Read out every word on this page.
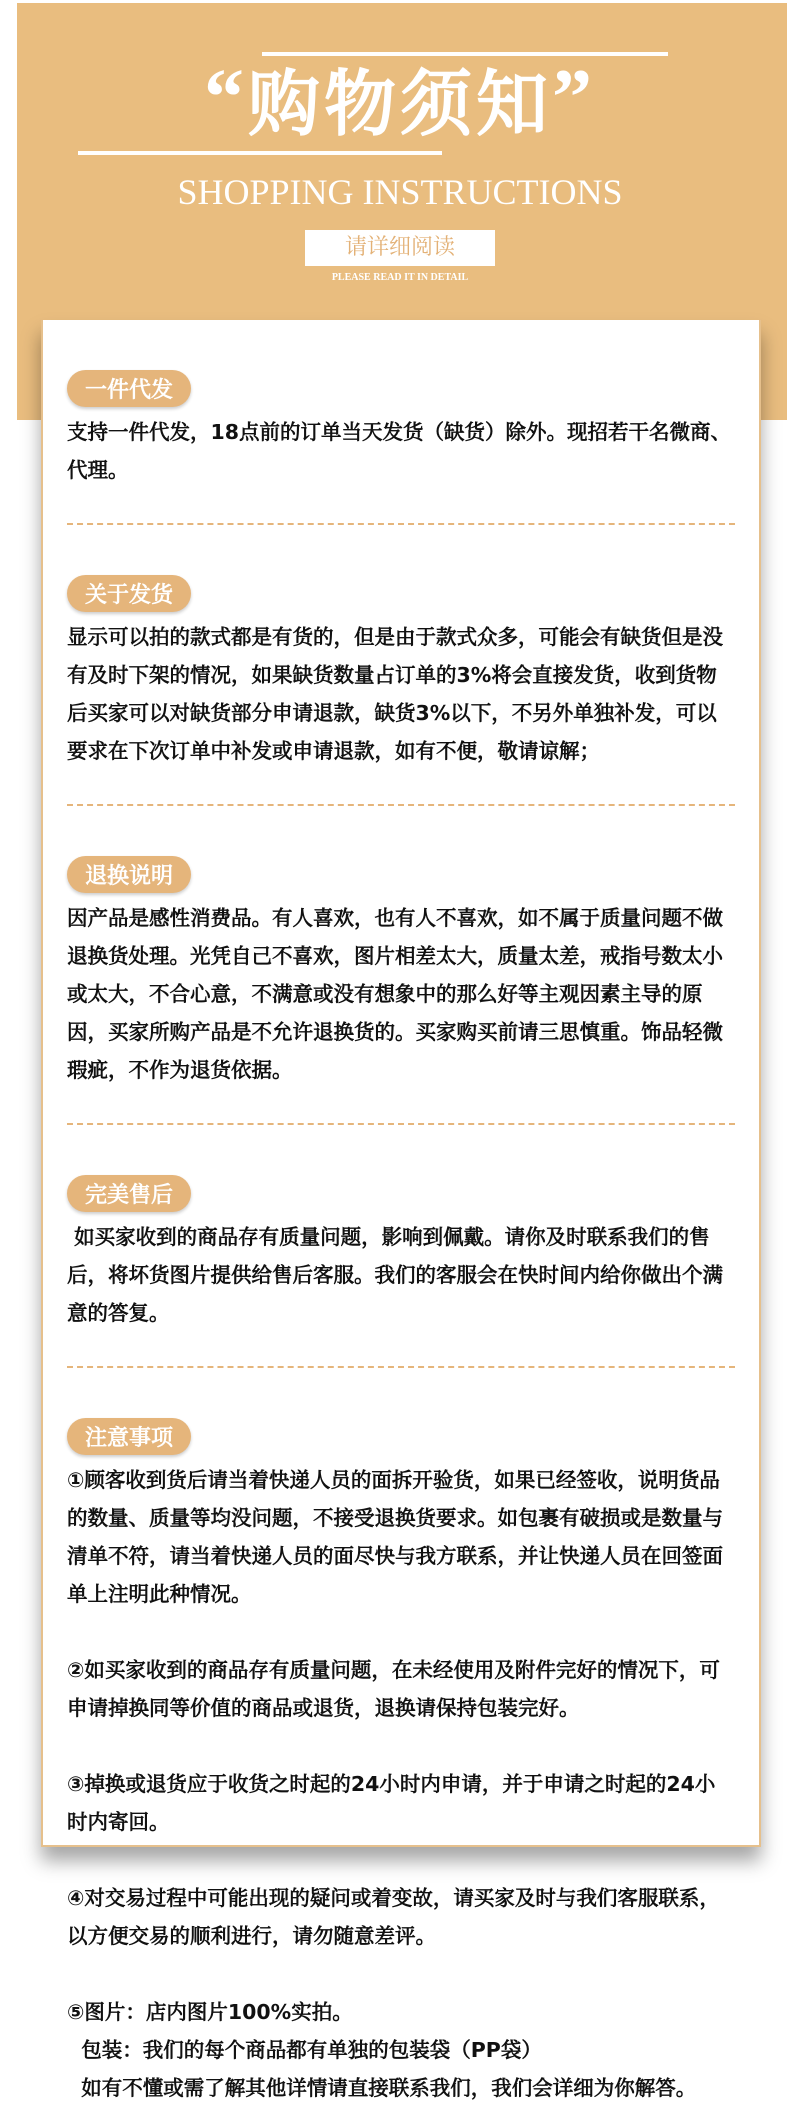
“购物须知”
SHOPPING INSTRUCTIONS
请详细阅读
PLEASE READ IT IN DETAIL
一件代发
支持一件代发，18点前的订单当天发货（缺货）除外。现招若干名微商、代理。
关于发货
显示可以拍的款式都是有货的，但是由于款式众多，可能会有缺货但是没有及时下架的情况，如果缺货数量占订单的3%将会直接发货，收到货物后买家可以对缺货部分申请退款，缺货3%以下，不另外单独补发，可以要求在下次订单中补发或申请退款，如有不便，敬请谅解；
退换说明
因产品是感性消费品。有人喜欢，也有人不喜欢，如不属于质量问题不做退换货处理。光凭自己不喜欢，图片相差太大，质量太差，戒指号数太小或太大，不合心意，不满意或没有想象中的那么好等主观因素主导的原因，买家所购产品是不允许退换货的。买家购买前请三思慎重。饰品轻微瑕疵，不作为退货依据。
完美售后
如买家收到的商品存有质量问题，影响到佩戴。请你及时联系我们的售后，将坏货图片提供给售后客服。我们的客服会在快时间内给你做出个满意的答复。
注意事项

①顾客收到货后请当着快递人员的面拆开验货，如果已经签收，说明货品的数量、质量等均没问题，不接受退换货要求。如包裹有破损或是数量与清单不符，请当着快递人员的面尽快与我方联系，并让快递人员在回签面单上注明此种情况。

②如买家收到的商品存有质量问题，在未经使用及附件完好的情况下，可申请掉换同等价值的商品或退货，退换请保持包装完好。

③掉换或退货应于收货之时起的24小时内申请，并于申请之时起的24小时内寄回。

④对交易过程中可能出现的疑问或着变故，请买家及时与我们客服联系，以方便交易的顺利进行，请勿随意差评。

⑤图片：店内图片100%实拍。
包装：我们的每个商品都有单独的包装袋（PP袋）
如有不懂或需了解其他详情请直接联系我们，我们会详细为你解答。
